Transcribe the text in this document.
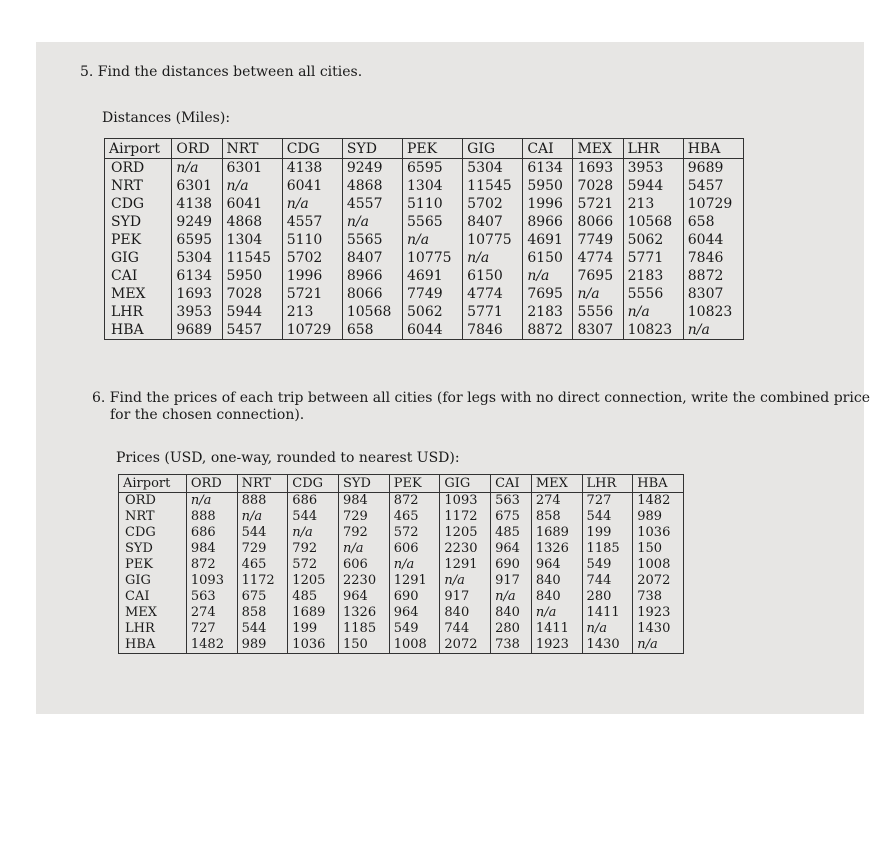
5. Find the distances between all cities.

Distances (Miles):

Airport	ORD	NRT	CDG	SYD	PEK	GIG	CAI	MEX	LHR	HBA
ORD	n/a	6301	4138	9249	6595	5304	6134	1693	3953	9689
NRT	6301	n/a	6041	4868	1304	11545	5950	7028	5944	5457
CDG	4138	6041	n/a	4557	5110	5702	1996	5721	213	10729
SYD	9249	4868	4557	n/a	5565	8407	8966	8066	10568	658
PEK	6595	1304	5110	5565	n/a	10775	4691	7749	5062	6044
GIG	5304	11545	5702	8407	10775	n/a	6150	4774	5771	7846
CAI	6134	5950	1996	8966	4691	6150	n/a	7695	2183	8872
MEX	1693	7028	5721	8066	7749	4774	7695	n/a	5556	8307
LHR	3953	5944	213	10568	5062	5771	2183	5556	n/a	10823
HBA	9689	5457	10729	658	6044	7846	8872	8307	10823	n/a

6. Find the prices of each trip between all cities (for legs with no direct connection, write the combined price

for the chosen connection).

Prices (USD, one-way, rounded to nearest USD):

Airport	ORD	NRT	CDG	SYD	PEK	GIG	CAI	MEX	LHR	HBA
ORD	n/a	888	686	984	872	1093	563	274	727	1482
NRT	888	n/a	544	729	465	1172	675	858	544	989
CDG	686	544	n/a	792	572	1205	485	1689	199	1036
SYD	984	729	792	n/a	606	2230	964	1326	1185	150
PEK	872	465	572	606	n/a	1291	690	964	549	1008
GIG	1093	1172	1205	2230	1291	n/a	917	840	744	2072
CAI	563	675	485	964	690	917	n/a	840	280	738
MEX	274	858	1689	1326	964	840	840	n/a	1411	1923
LHR	727	544	199	1185	549	744	280	1411	n/a	1430
HBA	1482	989	1036	150	1008	2072	738	1923	1430	n/a
